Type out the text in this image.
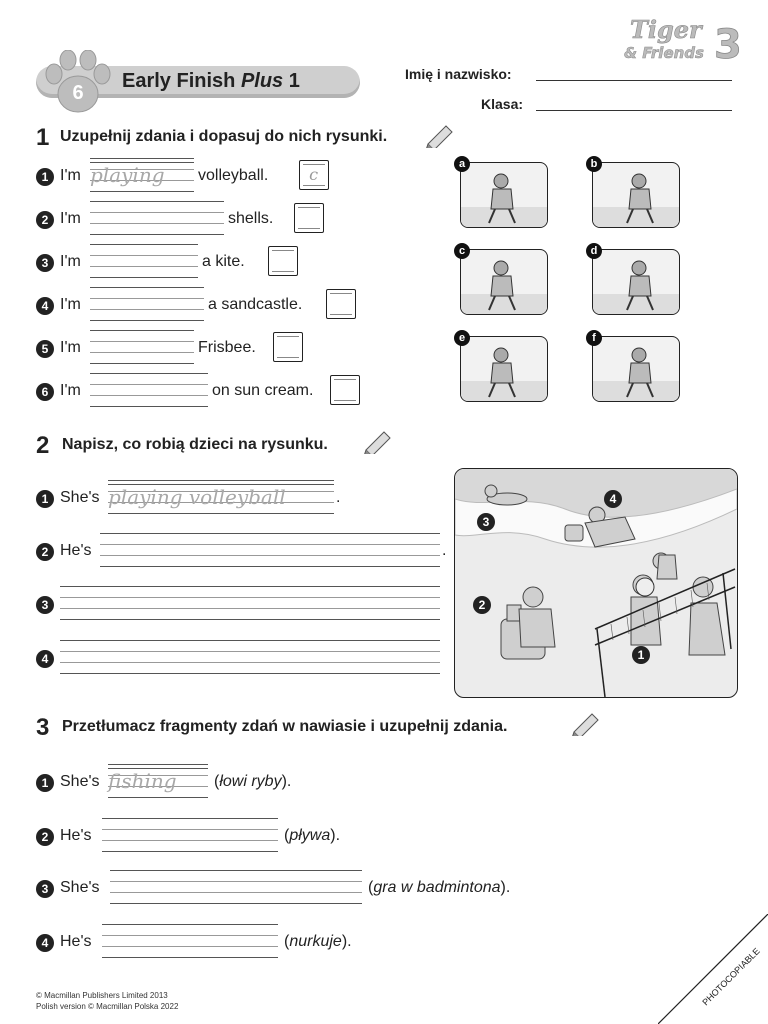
6
Early Finish Plus 1
Tiger
& Friends 3
Imię i nazwisko:
Klasa:
1 Uzupełnij zdania i dopasuj do nich rysunki.
1 I'm playing	volleyball.	c
2 I'm	shells.
3 I'm	a kite.
4 I'm	a sandcastle.
5 I'm	Frisbee.
6 I'm	on sun cream.
a	b
c	d
e	f
2 Napisz, co robią dzieci na rysunku.
1 She's playing volleyball	.
2 He's	.
3
4	1
2
3
4
3 Przetłumacz fragmenty zdań w nawiasie i uzupełnij zdania.
1 She's fishing	(łowi ryby).
2 He's	(pływa).
3 She's	(gra w badmintona).
4 He's	(nurkuje).
© Macmillan Publishers Limited 2013
Polish version © Macmillan Polska 2022	PHOTOCOPIABLE
